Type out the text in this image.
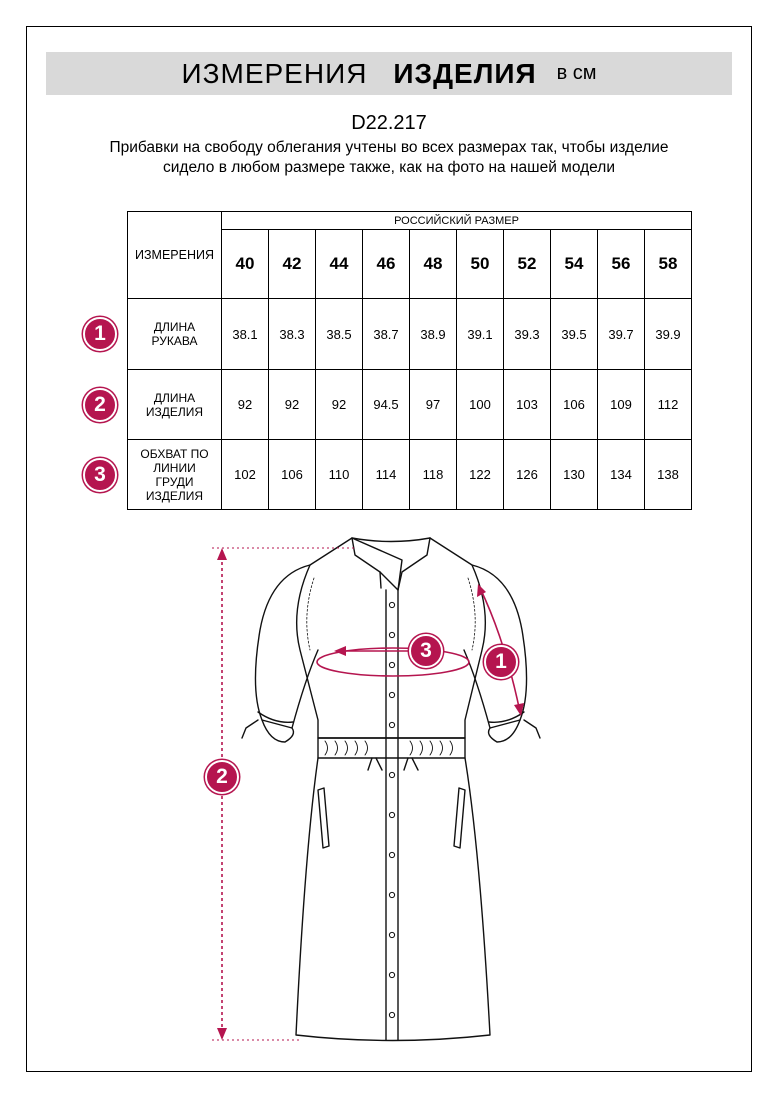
ИЗМЕРЕНИЯ ИЗДЕЛИЯ в см
D22.217
Прибавки на свободу облегания учтены во всех размерах так, чтобы изделие сидело в любом размере также, как на фото на нашей модели
ИЗМЕРЕНИЯ	РОССИЙСКИЙ РАЗМЕР									
	40	42	44	46	48	50	52	54	56	58

ДЛИНА РУКАВА	38.1	38.3	38.5	38.7	38.9	39.1	39.3	39.5	39.7	39.9

ДЛИНА ИЗДЕЛИЯ	92	92	92	94.5	97	100	103	106	109	112

ОБХВАТ ПО ЛИНИИ ГРУДИ ИЗДЕЛИЯ	102	106	110	114	118	122	126	130	134	138
1
2
3
2
3	1
